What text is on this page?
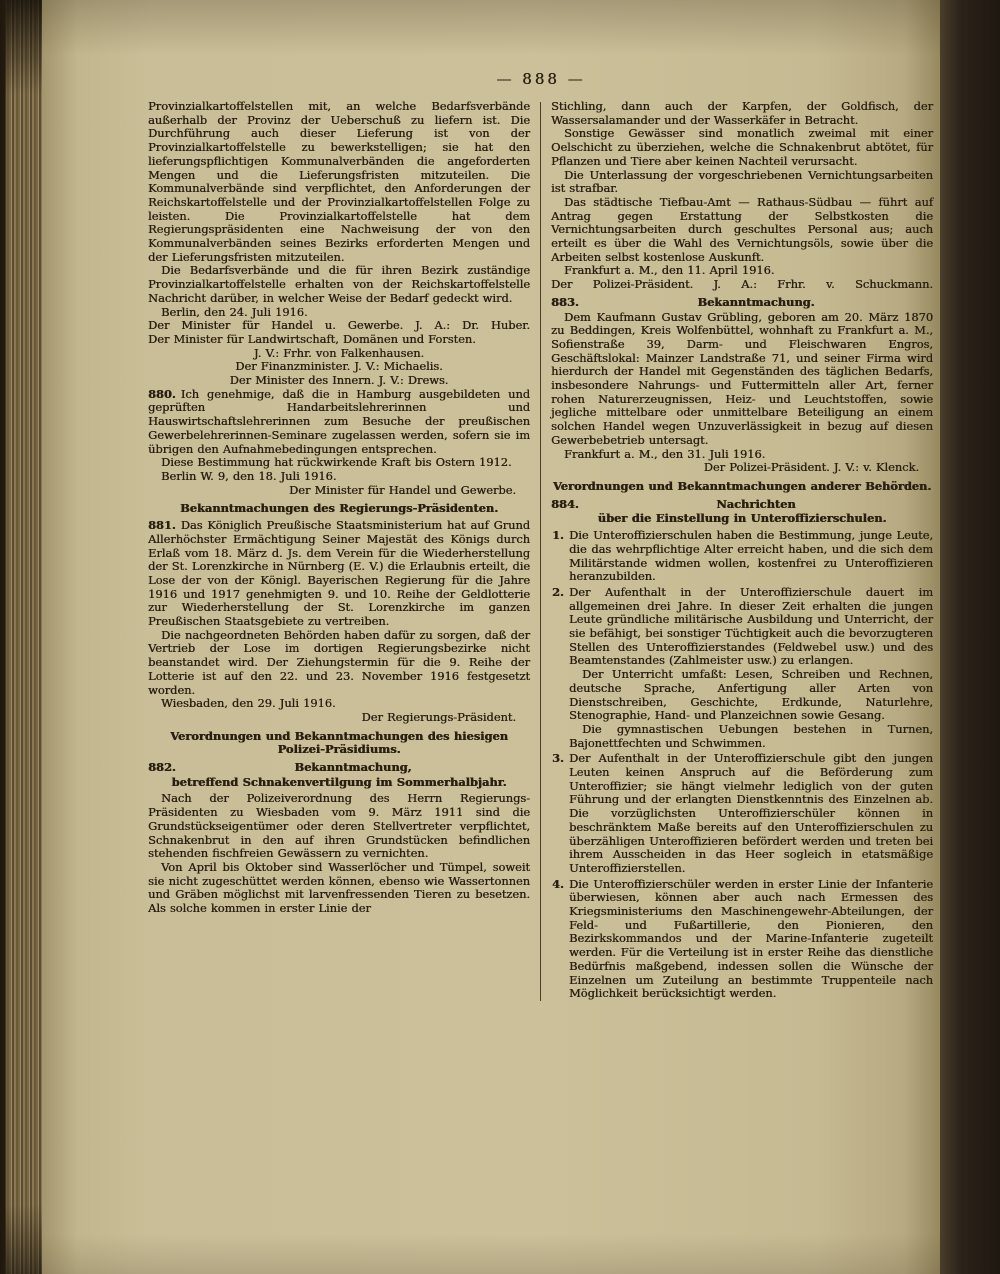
— 888 —
Provinzialkartoffelstellen mit, an welche Bedarfsverbände außerhalb der Provinz der Ueberschuß zu liefern ist. Die Durchführung auch dieser Lieferung ist von der Provinzialkartoffelstelle zu bewerkstelligen; sie hat den lieferungspflichtigen Kommunalverbänden die angeforderten Mengen und die Lieferungsfristen mitzuteilen. Die Kommunalverbände sind verpflichtet, den Anforderungen der Reichskartoffelstelle und der Provinzialkartoffelstellen Folge zu leisten. Die Provinzialkartoffelstelle hat dem Regierungspräsidenten eine Nachweisung der von den Kommunalverbänden seines Bezirks erforderten Mengen und der Lieferungsfristen mitzuteilen.
Die Bedarfsverbände und die für ihren Bezirk zuständige Provinzialkartoffelstelle erhalten von der Reichskartoffelstelle Nachricht darüber, in welcher Weise der Bedarf gedeckt wird.
Berlin, den 24. Juli 1916.
Der Minister für Handel u. Gewerbe. J. A.: Dr. Huber.
Der Minister für Landwirtschaft, Domänen und Forsten.
J. V.: Frhr. von Falkenhausen.
Der Finanzminister. J. V.: Michaelis.
Der Minister des Innern. J. V.: Drews.
880. Ich genehmige, daß die in Hamburg ausgebildeten und geprüften Handarbeitslehrerinnen und Hauswirtschaftslehrerinnen zum Besuche der preußischen Gewerbelehrerinnen-Seminare zugelassen werden, sofern sie im übrigen den Aufnahmebedingungen entsprechen.
Diese Bestimmung hat rückwirkende Kraft bis Ostern 1912.
Berlin W. 9, den 18. Juli 1916.
Der Minister für Handel und Gewerbe.
Bekanntmachungen des Regierungs-Präsidenten.
881. Das Königlich Preußische Staatsministerium hat auf Grund Allerhöchster Ermächtigung Seiner Majestät des Königs durch Erlaß vom 18. März d. Js. dem Verein für die Wiederherstellung der St. Lorenzkirche in Nürnberg (E. V.) die Erlaubnis erteilt, die Lose der von der Königl. Bayerischen Regierung für die Jahre 1916 und 1917 genehmigten 9. und 10. Reihe der Geldlotterie zur Wiederherstellung der St. Lorenzkirche im ganzen Preußischen Staatsgebiete zu vertreiben.
Die nachgeordneten Behörden haben dafür zu sorgen, daß der Vertrieb der Lose im dortigen Regierungsbezirke nicht beanstandet wird. Der Ziehungstermin für die 9. Reihe der Lotterie ist auf den 22. und 23. November 1916 festgesetzt worden.
Wiesbaden, den 29. Juli 1916.
Der Regierungs-Präsident.
Verordnungen und Bekanntmachungen des hiesigen Polizei-Präsidiums.
882.	Bekanntmachung,
betreffend Schnakenvertilgung im Sommerhalbjahr.
Nach der Polizeiverordnung des Herrn Regierungs-Präsidenten zu Wiesbaden vom 9. März 1911 sind die Grundstückseigentümer oder deren Stellvertreter verpflichtet, Schnakenbrut in den auf ihren Grundstücken befindlichen stehenden fischfreien Gewässern zu vernichten.
Von April bis Oktober sind Wasserlöcher und Tümpel, soweit sie nicht zugeschüttet werden können, ebenso wie Wassertonnen und Gräben möglichst mit larvenfressenden Tieren zu besetzen. Als solche kommen in erster Linie der
Stichling, dann auch der Karpfen, der Goldfisch, der Wassersalamander und der Wasserkäfer in Betracht.
Sonstige Gewässer sind monatlich zweimal mit einer Oelschicht zu überziehen, welche die Schnakenbrut abtötet, für Pflanzen und Tiere aber keinen Nachteil verursacht.
Die Unterlassung der vorgeschriebenen Vernichtungsarbeiten ist strafbar.
Das städtische Tiefbau-Amt — Rathaus-Südbau — führt auf Antrag gegen Erstattung der Selbstkosten die Vernichtungsarbeiten durch geschultes Personal aus; auch erteilt es über die Wahl des Vernichtungsöls, sowie über die Arbeiten selbst kostenlose Auskunft.
Frankfurt a. M., den 11. April 1916.
Der Polizei-Präsident. J. A.: Frhr. v. Schuckmann.
883.	Bekanntmachung.
Dem Kaufmann Gustav Grübling, geboren am 20. März 1870 zu Beddingen, Kreis Wolfenbüttel, wohnhaft zu Frankfurt a. M., Sofienstraße 39, Darm- und Fleischwaren Engros, Geschäftslokal: Mainzer Landstraße 71, und seiner Firma wird hierdurch der Handel mit Gegenständen des täglichen Bedarfs, insbesondere Nahrungs- und Futtermitteln aller Art, ferner rohen Naturerzeugnissen, Heiz- und Leuchtstoffen, sowie jegliche mittelbare oder unmittelbare Beteiligung an einem solchen Handel wegen Unzuverlässigkeit in bezug auf diesen Gewerbebetrieb untersagt.
Frankfurt a. M., den 31. Juli 1916.
Der Polizei-Präsident. J. V.: v. Klenck.
Verordnungen und Bekanntmachungen anderer Behörden.
884.	Nachrichten
über die Einstellung in Unteroffizierschulen.
1. Die Unteroffizierschulen haben die Bestimmung, junge Leute, die das wehrpflichtige Alter erreicht haben, und die sich dem Militärstande widmen wollen, kostenfrei zu Unteroffizieren heranzubilden.
2. Der Aufenthalt in der Unteroffizierschule dauert im allgemeinen drei Jahre. In dieser Zeit erhalten die jungen Leute gründliche militärische Ausbildung und Unterricht, der sie befähigt, bei sonstiger Tüchtigkeit auch die bevorzugteren Stellen des Unteroffizierstandes (Feldwebel usw.) und des Beamtenstandes (Zahlmeister usw.) zu erlangen.
Der Unterricht umfaßt: Lesen, Schreiben und Rechnen, deutsche Sprache, Anfertigung aller Arten von Dienstschreiben, Geschichte, Erdkunde, Naturlehre, Stenographie, Hand- und Planzeichnen sowie Gesang.
Die gymnastischen Uebungen bestehen in Turnen, Bajonettfechten und Schwimmen.
3. Der Aufenthalt in der Unteroffizierschule gibt den jungen Leuten keinen Anspruch auf die Beförderung zum Unteroffizier; sie hängt vielmehr lediglich von der guten Führung und der erlangten Dienstkenntnis des Einzelnen ab. Die vorzüglichsten Unteroffizierschüler können in beschränktem Maße bereits auf den Unteroffizierschulen zu überzähligen Unteroffizieren befördert werden und treten bei ihrem Ausscheiden in das Heer sogleich in etatsmäßige Unteroffizierstellen.
4. Die Unteroffizierschüler werden in erster Linie der Infanterie überwiesen, können aber auch nach Ermessen des Kriegsministeriums den Maschinengewehr-Abteilungen, der Feld- und Fußartillerie, den Pionieren, den Bezirkskommandos und der Marine-Infanterie zugeteilt werden. Für die Verteilung ist in erster Reihe das dienstliche Bedürfnis maßgebend, indessen sollen die Wünsche der Einzelnen um Zuteilung an bestimmte Truppenteile nach Möglichkeit berücksichtigt werden.
